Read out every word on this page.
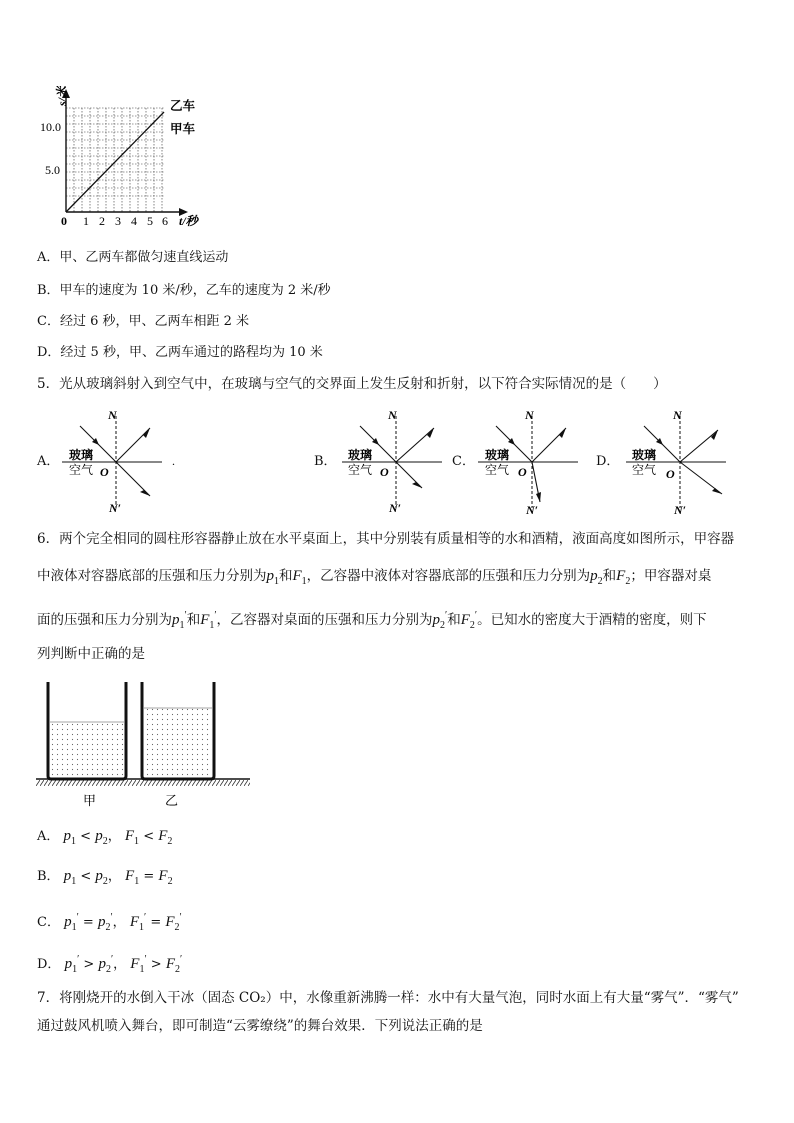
s/米
10.0
5.0
0 1 2 3 4 5 6 t/秒
乙车
甲车
A．甲、乙两车都做匀速直线运动
B．甲车的速度为 10 米/秒，乙车的速度为 2 米/秒
C．经过 6 秒，甲、乙两车相距 2 米
D．经过 5 秒，甲、乙两车通过的路程均为 10 米
5．光从玻璃斜射入到空气中，在玻璃与空气的交界面上发生反射和折射，以下符合实际情况的是（　　）
A．
N
玻璃
空气 O
N′
.	B．
N
玻璃
空气 O
N′
C．
N
玻璃
空气 O
N′
D．
N
玻璃
空气 O
N′
6．两个完全相同的圆柱形容器静止放在水平桌面上，其中分别装有质量相等的水和酒精，液面高度如图所示，甲容器
中液体对容器底部的压强和压力分别为$p_1$和$F_1$，乙容器中液体对容器底部的压强和压力分别为$p_2$和$F_2$；甲容器对桌
面的压强和压力分别为$p_1'$和$F_1'$，乙容器对桌面的压强和压力分别为$p_2'$和$F_2'$。已知水的密度大于酒精的密度，则下
列判断中正确的是
甲	乙
A． $p_1 < p_2$， $F_1 < F_2$
B． $p_1 < p_2$， $F_1 = F_2$
C． $p_1' = p_2'$， $F_1' = F_2'$
D． $p_1' > p_2'$， $F_1' > F_2'$
7．将刚烧开的水倒入干冰（固态 CO₂）中，水像重新沸腾一样：水中有大量气泡，同时水面上有大量“雾气”．“雾气”
通过鼓风机喷入舞台，即可制造“云雾缭绕”的舞台效果．下列说法正确的是
